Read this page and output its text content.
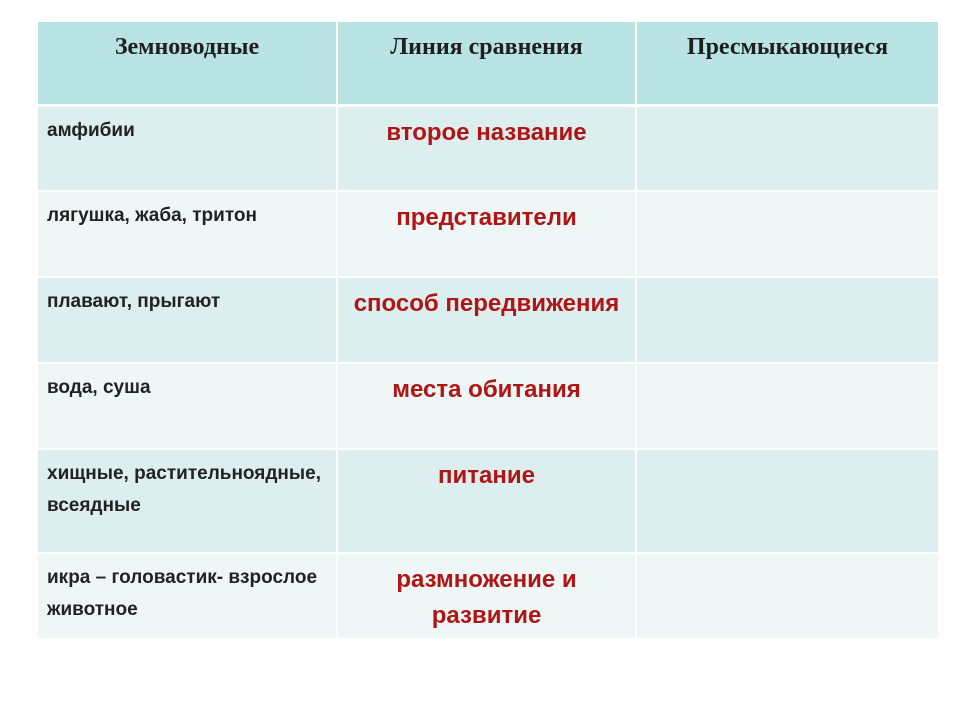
Земноводные	Линия сравнения	Пресмыкающиеся
амфибии	второе название	
лягушка, жаба, тритон	представители	
плавают, прыгают	способ передвижения	
вода, суша	места обитания	
хищные, растительноядные, всеядные	питание	
икра – головастик- взрослое животное	размножение и развитие	
